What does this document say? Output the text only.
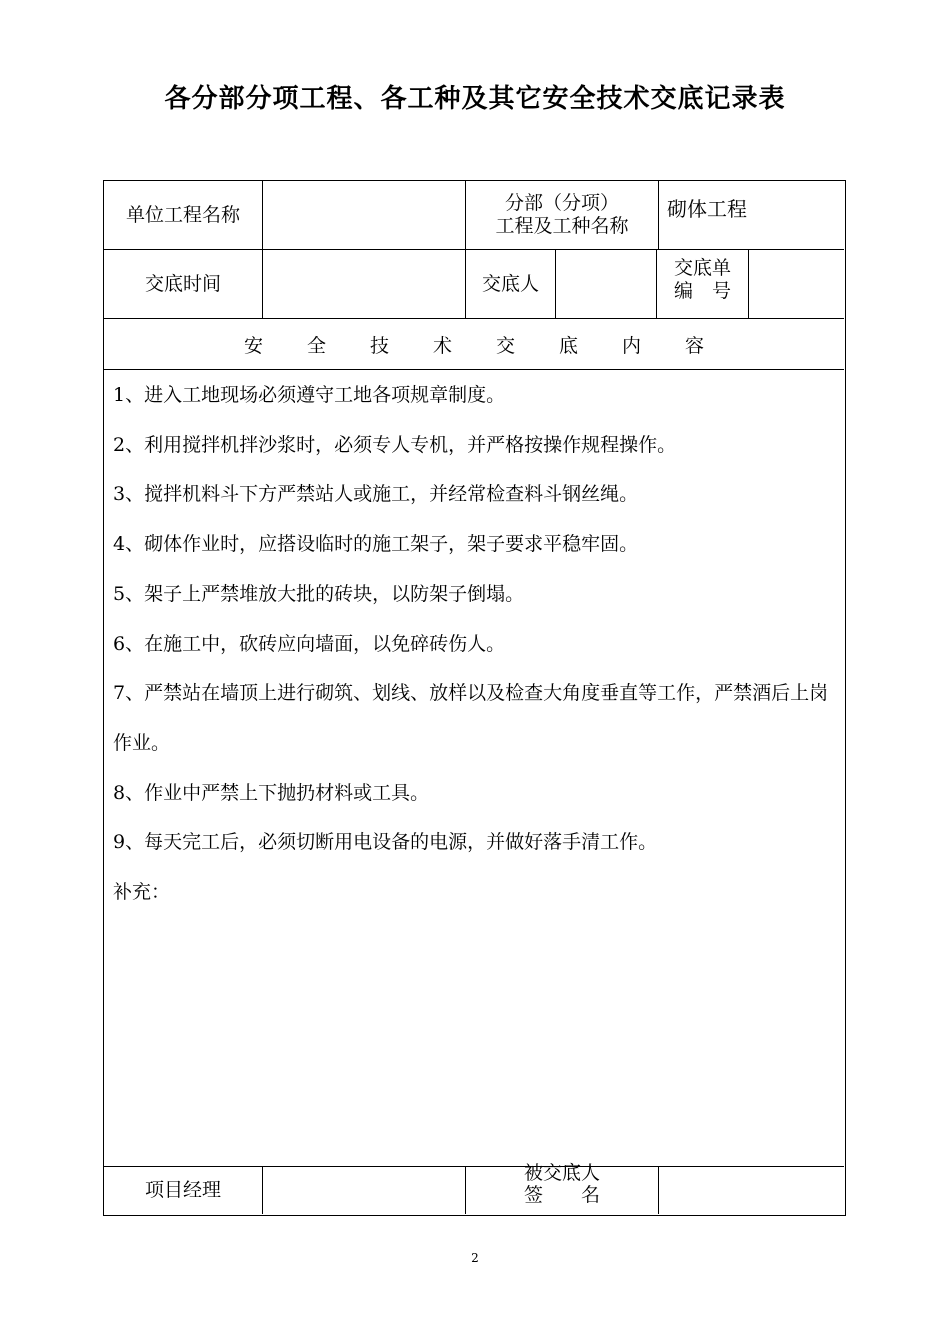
各分部分项工程、各工种及其它安全技术交底记录表
单位工程名称
分部（分项）
工程及工种名称
砌体工程
交底时间	交底人
交底单
编　号
安全技术交底内容

1、进入工地现场必须遵守工地各项规章制度。

2、利用搅拌机拌沙浆时，必须专人专机，并严格按操作规程操作。

3、搅拌机料斗下方严禁站人或施工，并经常检查料斗钢丝绳。

4、砌体作业时，应搭设临时的施工架子，架子要求平稳牢固。

5、架子上严禁堆放大批的砖块，以防架子倒塌。

6、在施工中，砍砖应向墙面，以免碎砖伤人。

7、严禁站在墙顶上进行砌筑、划线、放样以及检查大角度垂直等工作，严禁酒后上岗作业。

8、作业中严禁上下抛扔材料或工具。

9、每天完工后，必须切断用电设备的电源，并做好落手清工作。

补充：

项目经理
被交底人
签　　名
2
